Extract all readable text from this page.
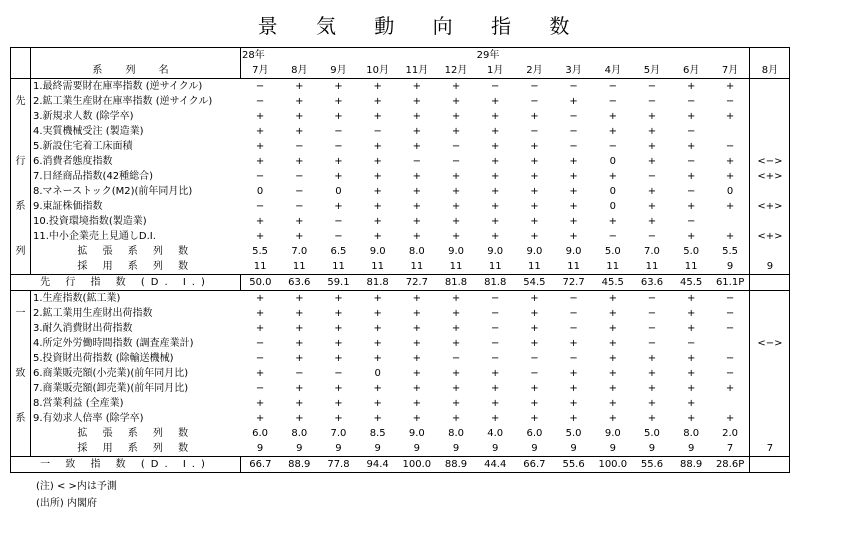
景 気 動 向 指 数
	系 列 名	28年						29年							
		7月	8月	9月	10月	11月	12月	1月	2月	3月	4月	5月	6月	7月	8月
	1.最終需要財在庫率指数 (逆サイクル)	−	+	+	+	+	+	−	−	−	−	−	+	+	
先	2.鉱工業生産財在庫率指数 (逆サイクル)	−	+	+	+	+	+	+	−	+	−	−	−	−	
	3.新規求人数 (除学卒)	+	+	+	+	+	+	+	+	−	+	+	+	+	
	4.実質機械受注 (製造業)	+	+	−	−	+	+	+	−	−	+	+	−		
	5.新設住宅着工床面積	+	−	−	+	+	−	+	+	−	−	+	+	−	
行	6.消費者態度指数	+	+	+	+	−	−	+	+	+	0	+	−	+	<−>
	7.日経商品指数(42種総合)	−	−	+	+	+	+	+	+	+	+	−	+	+	<+>
	8.マネーストック(M2)(前年同月比)	0	−	0	+	+	+	+	+	+	0	+	−	0	
系	9.東証株価指数	−	−	+	+	+	+	+	+	+	0	+	+	+	<+>
	10.投資環境指数(製造業)	+	+	−	+	+	+	+	+	+	+	+	−		
	11.中小企業売上見通しD.I.	+	+	−	+	+	+	+	+	+	−	−	+	+	<+>
列	拡 張 系 列 数	5.5	7.0	6.5	9.0	8.0	9.0	9.0	9.0	9.0	5.0	7.0	5.0	5.5	
	採 用 系 列 数	11	11	11	11	11	11	11	11	11	11	11	11	9	9
先 行 指 数 (D. I.)		50.0	63.6	59.1	81.8	72.7	81.8	81.8	54.5	72.7	45.5	63.6	45.5	61.1P	
	1.生産指数(鉱工業)	+	+	+	+	+	+	−	+	−	+	−	+	−	
一	2.鉱工業用生産財出荷指数	+	+	+	+	+	+	−	+	−	+	−	+	−	
	3.耐久消費財出荷指数	+	+	+	+	+	+	−	+	−	+	−	+	−	
	4.所定外労働時間指数 (調査産業計)	−	+	+	+	+	+	−	+	+	+	−	−		<−>
	5.投資財出荷指数 (除輸送機械)	−	+	+	+	+	−	−	−	−	+	+	+	−	
致	6.商業販売額(小売業)(前年同月比)	+	−	−	0	+	+	+	−	+	+	+	+	−	
	7.商業販売額(卸売業)(前年同月比)	−	+	+	+	+	+	+	+	+	+	+	+	+	
	8.営業利益 (全産業)	+	+	+	+	+	+	+	+	+	+	+	+		
系	9.有効求人倍率 (除学卒)	+	+	+	+	+	+	+	+	+	+	+	+	+	
	拡 張 系 列 数	6.0	8.0	7.0	8.5	9.0	8.0	4.0	6.0	5.0	9.0	5.0	8.0	2.0	
	採 用 系 列 数	9	9	9	9	9	9	9	9	9	9	9	9	7	7
一 致 指 数 (D. I.)		66.7	88.9	77.8	94.4	100.0	88.9	44.4	66.7	55.6	100.0	55.6	88.9	28.6P	
(注) < >内は予測
(出所) 内閣府
